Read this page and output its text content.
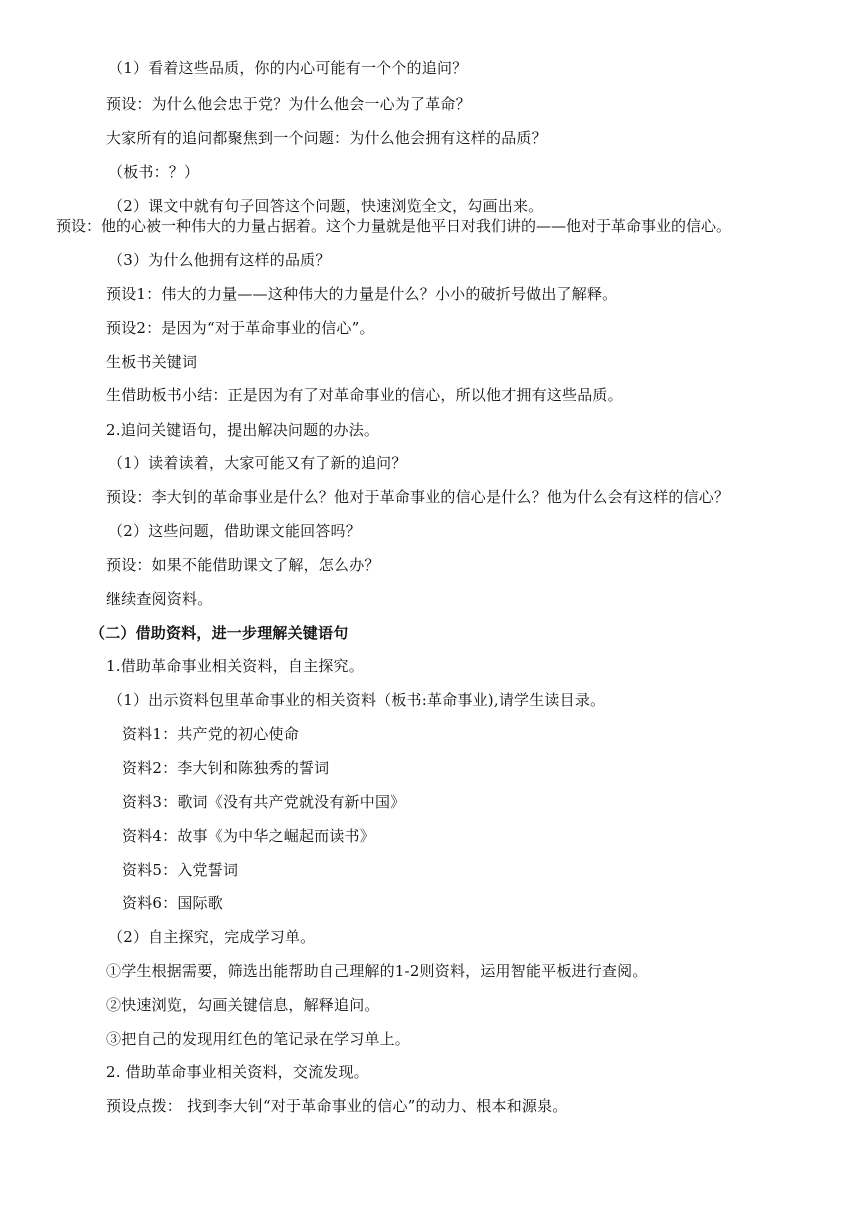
（1）看着这些品质，你的内心可能有一个个的追问？
预设：为什么他会忠于党？为什么他会一心为了革命？
大家所有的追问都聚焦到一个问题：为什么他会拥有这样的品质？
（板书：？）
（2）课文中就有句子回答这个问题，快速浏览全文，勾画出来。
预设：他的心被一种伟大的力量占据着。这个力量就是他平日对我们讲的——他对于革命事业的信心。
（3）为什么他拥有这样的品质？
预设1：伟大的力量——这种伟大的力量是什么？小小的破折号做出了解释。
预设2：是因为“对于革命事业的信心”。
生板书关键词
生借助板书小结：正是因为有了对革命事业的信心，所以他才拥有这些品质。
2.追问关键语句，提出解决问题的办法。
（1）读着读着，大家可能又有了新的追问？
预设：李大钊的革命事业是什么？他对于革命事业的信心是什么？他为什么会有这样的信心？
（2）这些问题，借助课文能回答吗？
预设：如果不能借助课文了解，怎么办？
继续查阅资料。
（二）借助资料，进一步理解关键语句
1.借助革命事业相关资料，自主探究。
（1）出示资料包里革命事业的相关资料（板书:革命事业),请学生读目录。
资料1：共产党的初心使命
资料2：李大钊和陈独秀的誓词
资料3：歌词《没有共产党就没有新中国》
资料4：故事《为中华之崛起而读书》
资料5：入党誓词
资料6：国际歌
（2）自主探究，完成学习单。
①学生根据需要，筛选出能帮助自己理解的1-2则资料，运用智能平板进行查阅。
②快速浏览，勾画关键信息，解释追问。
③把自己的发现用红色的笔记录在学习单上。
2. 借助革命事业相关资料，交流发现。
预设点拨： 找到李大钊“对于革命事业的信心”的动力、根本和源泉。
